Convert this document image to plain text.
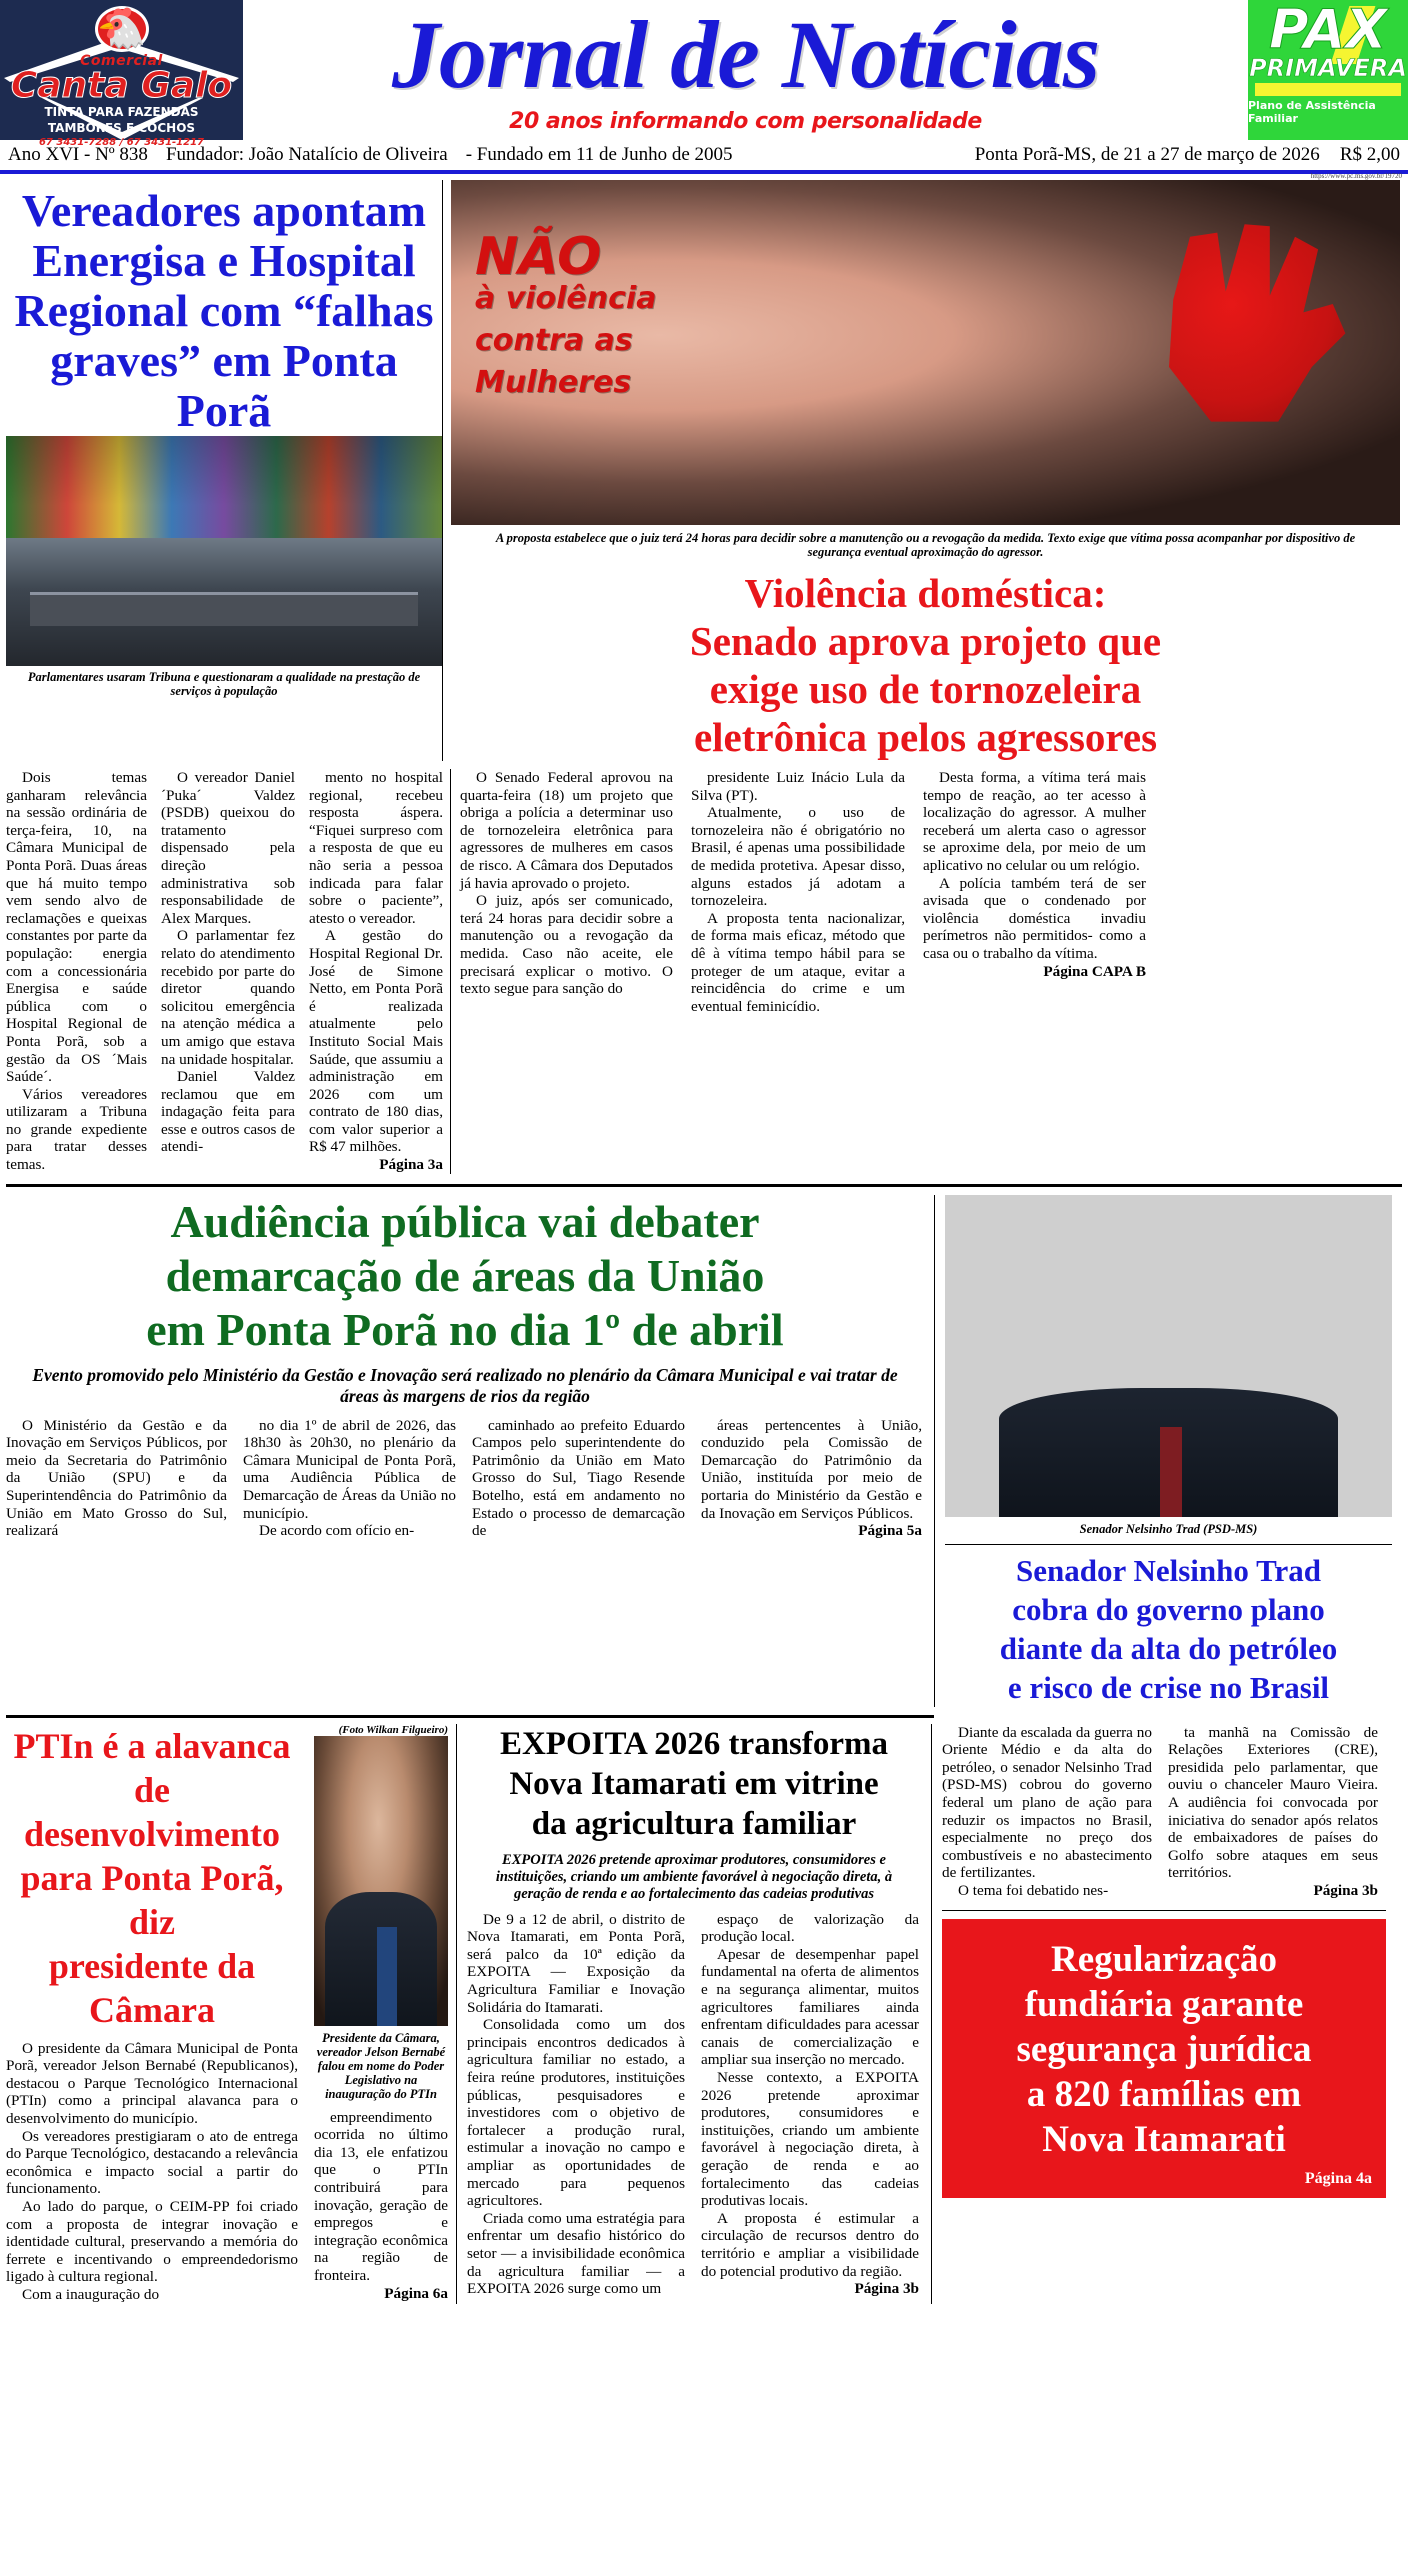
🐔
Comercial
Canta Galo
TINTA PARA FAZENDAS
TAMBORES E COCHOS
67 3431-7288 / 67 3431-1217
Jornal de Notícias
20 anos informando com personalidade
PAX
PRIMAVERA
Plano de Assistência Familiar
Ano XVI - Nº 838 Fundador: João Natalício de Oliveira - Fundado em 11 de Junho de 2005	Ponta Porã-MS, de 21 a 27 de março de 2026 R$ 2,00
https://www.pc.ms.gov.br/19720
Vereadores apontam
Energisa e Hospital
Regional com “falhas
graves” em Ponta Porã
Parlamentares usaram Tribuna e questionaram a qualidade na prestação de serviços à população
NÃO
à violência
contra as
Mulheres
A proposta estabelece que o juiz terá 24 horas para decidir sobre a manutenção ou a revogação da medida. Texto exige que vítima possa acompanhar por dispositivo de segurança eventual aproximação do agressor.
Violência doméstica:
Senado aprova projeto que
exige uso de tornozeleira
eletrônica pelos agressores

Dois temas ganharam relevância na sessão ordinária de terça-feira, 10, na Câmara Municipal de Ponta Porã. Duas áreas que há muito tempo vem sendo alvo de reclamações e queixas constantes por parte da população: energia com a concessionária Energisa e saúde pública com o Hospital Regional de Ponta Porã, sob a gestão da OS ´Mais Saúde´.

Vários vereadores utilizaram a Tribuna no grande expediente para tratar desses temas.

O vereador Daniel ´Puka´ Valdez (PSDB) queixou do tratamento dispensado pela direção administrativa sob responsabilidade de Alex Marques.

O parlamentar fez relato do atendimento recebido por parte do diretor quando solicitou emergência na atenção médica a um amigo que estava na unidade hospitalar.

Daniel Valdez reclamou que em indagação feita para esse e outros casos de atendi-

mento no hospital regional, recebeu resposta áspera. “Fiquei surpreso com a resposta de que eu não seria a pessoa indicada para falar sobre o paciente”, atesto o vereador.

A gestão do Hospital Regional Dr. José de Simone Netto, em Ponta Porã é realizada atualmente pelo Instituto Social Mais Saúde, que assumiu a administração em 2026 com um contrato de 180 dias, com valor superior a R$ 47 milhões.

Página 3a

O Senado Federal aprovou na quarta-feira (18) um projeto que obriga a polícia a determinar uso de tornozeleira eletrônica para agressores de mulheres em casos de risco. A Câmara dos Deputados já havia aprovado o projeto.

O juiz, após ser comunicado, terá 24 horas para decidir sobre a manutenção ou a revogação da medida. Caso não aceite, ele precisará explicar o motivo. O texto segue para sanção do

presidente Luiz Inácio Lula da Silva (PT).

Atualmente, o uso de tornozeleira não é obrigatório no Brasil, é apenas uma possibilidade de medida protetiva. Apesar disso, alguns estados já adotam a tornozeleira.

A proposta tenta nacionalizar, de forma mais eficaz, método que dê à vítima tempo hábil para se proteger de um ataque, evitar a reincidência do crime e um eventual feminicídio.

Desta forma, a vítima terá mais tempo de reação, ao ter acesso à localização do agressor. A mulher receberá um alerta caso o agressor se aproxime dela, por meio de um aplicativo no celular ou um relógio.

A polícia também terá de ser avisada que o condenado por violência doméstica invadiu perímetros não permitidos- como a casa ou o trabalho da vítima.

Página CAPA B
Audiência pública vai debater
demarcação de áreas da União
em Ponta Porã no dia 1º de abril
Evento promovido pelo Ministério da Gestão e Inovação será realizado no plenário da Câmara Municipal e vai tratar de áreas às margens de rios da região

O Ministério da Gestão e da Inovação em Serviços Públicos, por meio da Secretaria do Patrimônio da União (SPU) e da Superintendência do Patrimônio da União em Mato Grosso do Sul, realizará

no dia 1º de abril de 2026, das 18h30 às 20h30, no plenário da Câmara Municipal de Ponta Porã, uma Audiência Pública de Demarcação de Áreas da União no município.

De acordo com ofício en-

caminhado ao prefeito Eduardo Campos pelo superintendente do Patrimônio da União em Mato Grosso do Sul, Tiago Resende Botelho, está em andamento no Estado o processo de demarcação de

áreas pertencentes à União, conduzido pela Comissão de Demarcação do Patrimônio da União, instituída por meio de portaria do Ministério da Gestão e da Inovação em Serviços Públicos.

Página 5a	Senador Nelsinho Trad (PSD-MS)
Senador Nelsinho Trad
cobra do governo plano
diante da alta do petróleo
e risco de crise no Brasil
PTIn é a alavanca
de desenvolvimento
para Ponta Porã, diz
presidente da Câmara

O presidente da Câmara Municipal de Ponta Porã, vereador Jelson Bernabé (Republicanos), destacou o Parque Tecnológico Internacional (PTIn) como a principal alavanca para o desenvolvimento do município.

Os vereadores prestigiaram o ato de entrega do Parque Tecnológico, destacando a relevância econômica e impacto social a partir do funcionamento.

Ao lado do parque, o CEIM-PP foi criado com a proposta de integrar inovação e identidade cultural, preservando a memória do ferrete e incentivando o empreendedorismo ligado à cultura regional.

Com a inauguração do

(Foto Wilkan Filgueiro)
Presidente da Câmara, vereador Jelson Bernabé falou em nome do Poder Legislativo na inauguração do PTIn

empreendimento ocorrida no último dia 13, ele enfatizou que o PTIn contribuirá para inovação, geração de empregos e integração econômica na região de fronteira.

Página 6a
EXPOITA 2026 transforma
Nova Itamarati em vitrine
da agricultura familiar
EXPOITA 2026 pretende aproximar produtores, consumidores e instituições, criando um ambiente favorável à negociação direta, à geração de renda e ao fortalecimento das cadeias produtivas

De 9 a 12 de abril, o distrito de Nova Itamarati, em Ponta Porã, será palco da 10ª edição da EXPOITA — Exposição da Agricultura Familiar e Inovação Solidária do Itamarati.

Consolidada como um dos principais encontros dedicados à agricultura familiar no estado, a feira reúne produtores, instituições públicas, pesquisadores e investidores com o objetivo de fortalecer a produção rural, estimular a inovação no campo e ampliar as oportunidades de mercado para pequenos agricultores.

Criada como uma estratégia para enfrentar um desafio histórico do setor — a invisibilidade econômica da agricultura familiar — a EXPOITA 2026 surge como um

espaço de valorização da produção local.

Apesar de desempenhar papel fundamental na oferta de alimentos e na segurança alimentar, muitos agricultores familiares ainda enfrentam dificuldades para acessar canais de comercialização e ampliar sua inserção no mercado.

Nesse contexto, a EXPOITA 2026 pretende aproximar produtores, consumidores e instituições, criando um ambiente favorável à negociação direta, à geração de renda e ao fortalecimento das cadeias produtivas locais.

A proposta é estimular a circulação de recursos dentro do território e ampliar a visibilidade do potencial produtivo da região.

Página 3b

Diante da escalada da guerra no Oriente Médio e da alta do petróleo, o senador Nelsinho Trad (PSD-MS) cobrou do governo federal um plano de ação para reduzir os impactos no Brasil, especialmente no preço dos combustíveis e no abastecimento de fertilizantes.

O tema foi debatido nes-

ta manhã na Comissão de Relações Exteriores (CRE), presidida pelo parlamentar, que ouviu o chanceler Mauro Vieira. A audiência foi convocada por iniciativa do senador após relatos de embaixadores de países do Golfo sobre ataques em seus territórios.

Página 3b
Regularização
fundiária garante
segurança jurídica
a 820 famílias em
Nova Itamarati
Página 4a
